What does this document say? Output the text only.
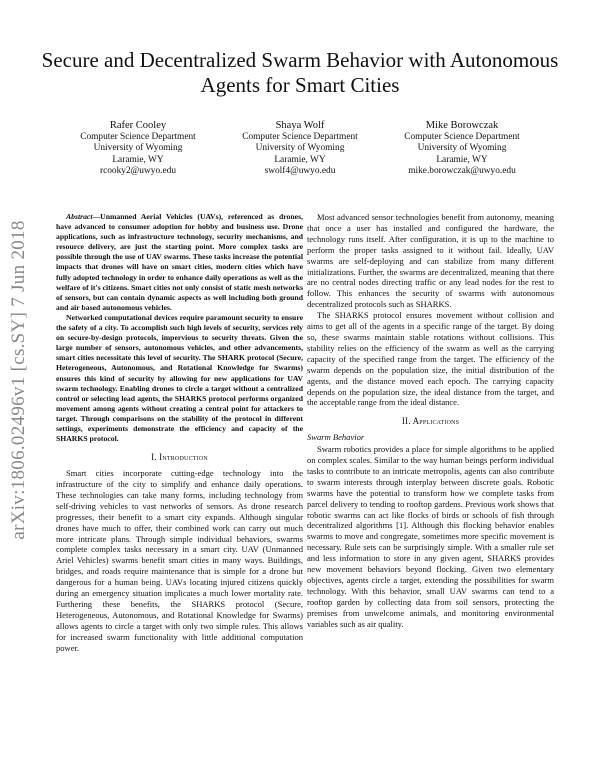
arXiv:1806.02496v1 [cs.SY] 7 Jun 2018
Secure and Decentralized Swarm Behavior with Autonomous Agents for Smart Cities
Rafer Cooley
Computer Science Department
University of Wyoming
Laramie, WY
rcooky2@uwyo.edu
Shaya Wolf
Computer Science Department
University of Wyoming
Laramie, WY
swolf4@uwyo.edu
Mike Borowczak
Computer Science Department
University of Wyoming
Laramie, WY
mike.borowczak@uwyo.edu

Abstract—Unmanned Aerial Vehicles (UAVs), referenced as drones, have advanced to consumer adoption for hobby and business use. Drone applications, such as infrastructure technology, security mechanisms, and resource delivery, are just the starting point. More complex tasks are possible through the use of UAV swarms. These tasks increase the potential impacts that drones will have on smart cities, modern cities which have fully adopted technology in order to enhance daily operations as well as the welfare of it's citizens. Smart cities not only consist of static mesh networks of sensors, but can contain dynamic aspects as well including both ground and air based autonomous vehicles.

Networked computational devices require paramount security to ensure the safety of a city. To accomplish such high levels of security, services rely on secure-by-design protocols, impervious to security threats. Given the large number of sensors, autonomous vehicles, and other advancements, smart cities necessitate this level of security. The SHARK protocol (Secure, Heterogeneous, Autonomous, and Rotational Knowledge for Swarms) ensures this kind of security by allowing for new applications for UAV swarm technology. Enabling drones to circle a target without a centralized control or selecting lead agents, the SHARKS protocol performs organized movement among agents without creating a central point for attackers to target. Through comparisons on the stability of the protocol in different settings, experiments demonstrate the efficiency and capacity of the SHARKS protocol.

I. Introduction

Smart cities incorporate cutting-edge technology into the infrastructure of the city to simplify and enhance daily operations. These technologies can take many forms, including technology from self-driving vehicles to vast networks of sensors. As drone research progresses, their benefit to a smart city expands. Although singular drones have much to offer, their combined work can carry out much more intricate plans. Through simple individual behaviors, swarms complete complex tasks necessary in a smart city. UAV (Unmanned Ariel Vehicles) swarms benefit smart cities in many ways. Buildings, bridges, and roads require maintenance that is simple for a drone but dangerous for a human being. UAVs locating injured citizens quickly during an emergency situation implicates a much lower mortality rate. Furthering these benefits, the SHARKS protocol (Secure, Heterogeneous, Autonomous, and Rotational Knowledge for Swarms) allows agents to circle a target with only two simple rules. This allows for increased swarm functionality with little additional computation power.

Most advanced sensor technologies benefit from autonomy, meaning that once a user has installed and configured the hardware, the technology runs itself. After configuration, it is up to the machine to perform the proper tasks assigned to it without fail. Ideally, UAV swarms are self-deploying and can stabilize from many different initializations. Further, the swarms are decentralized, meaning that there are no central nodes directing traffic or any lead nodes for the rest to follow. This enhances the security of swarms with autonomous decentralized protocols such as SHARKS.

The SHARKS protocol ensures movement without collision and aims to get all of the agents in a specific range of the target. By doing so, these swarms maintain stable rotations without collisions. This stability relies on the efficiency of the swarm as well as the carrying capacity of the specified range from the target. The efficiency of the swarm depends on the population size, the initial distribution of the agents, and the distance moved each epoch. The carrying capacity depends on the population size, the ideal distance from the target, and the acceptable range from the ideal distance.

II. Applications
Swarm Behavior

Swarm robotics provides a place for simple algorithms to be applied on complex scales. Similar to the way human beings perform individual tasks to contribute to an intricate metropolis, agents can also contribute to swarm interests through interplay between discrete goals. Robotic swarms have the potential to transform how we complete tasks from parcel delivery to tending to rooftop gardens. Previous work shows that robotic swarms can act like flocks of birds or schools of fish through decentralized algorithms [1]. Although this flocking behavior enables swarms to move and congregate, sometimes more specific movement is necessary. Rule sets can be surprisingly simple. With a smaller rule set and less information to store in any given agent, SHARKS provides new movement behaviors beyond flocking. Given two elementary objectives, agents circle a target, extending the possibilities for swarm technology. With this behavior, small UAV swarms can tend to a rooftop garden by collecting data from soil sensors, protecting the premises from unwelcome animals, and monitoring environmental variables such as air quality.
